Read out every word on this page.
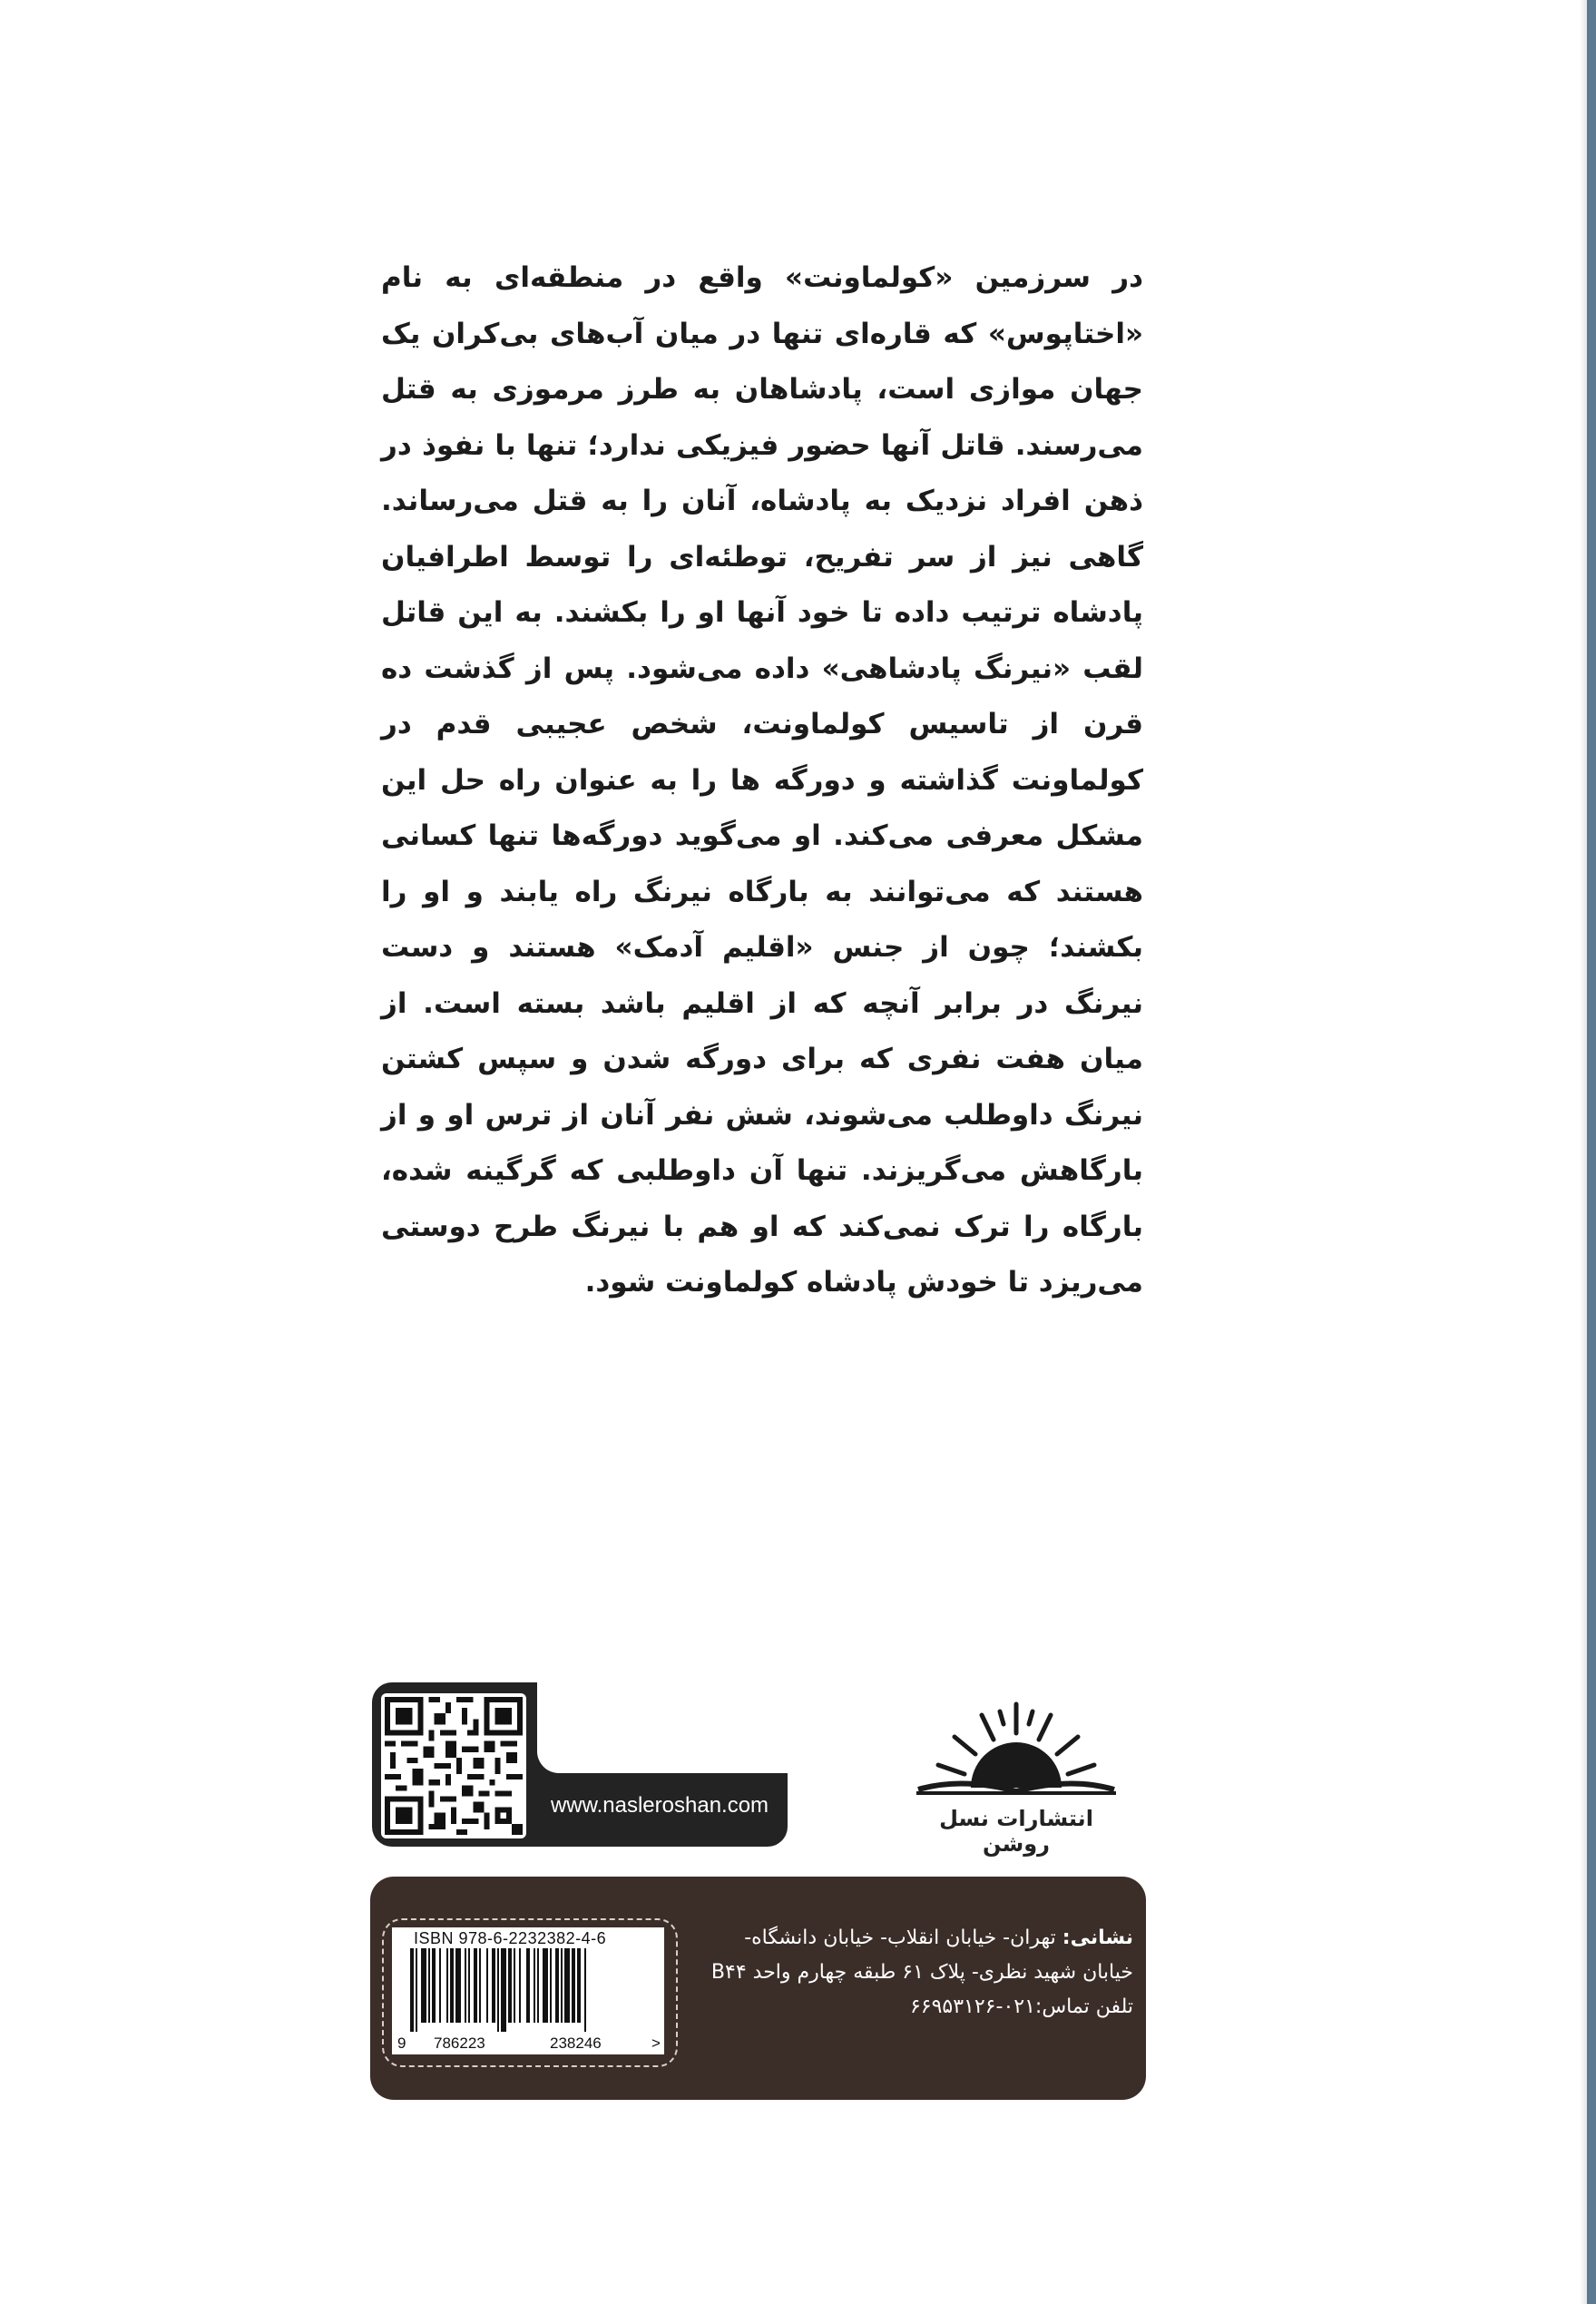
در سرزمین «کولماونت» واقع در منطقه‌ای به نام «اختاپوس» که قاره‌ای تنها در میان آب‌های بی‌کران یک جهان موازی است، پادشاهان به طرز مرموزی به قتل می‌رسند. قاتل آنها حضور فیزیکی ندارد؛ تنها با نفوذ در ذهن افراد نزدیک به پادشاه، آنان را به قتل می‌رساند. گاهی نیز از سر تفریح، توطئه‌ای را توسط اطرافیان پادشاه ترتیب داده تا خود آنها او را بکشند. به این قاتل لقب «نیرنگ پادشاهی» داده می‌شود. پس از گذشت ده قرن از تاسیس کولماونت، شخص عجیبی قدم در کولماونت گذاشته و دورگه ها را به عنوان راه حل این مشکل معرفی می‌کند. او می‌گوید دورگه‌ها تنها کسانی هستند که می‌توانند به بارگاه نیرنگ راه یابند و او را بکشند؛ چون از جنس «اقلیم آدمک» هستند و دست نیرنگ در برابر آنچه که از اقلیم باشد بسته است. از میان هفت نفری که برای دورگه شدن و سپس کشتن نیرنگ داوطلب می‌شوند، شش نفر آنان از ترس او و از بارگاهش می‌گریزند. تنها آن داوطلبی که گرگینه شده، بارگاه را ترک نمی‌کند که او هم با نیرنگ طرح دوستی می‌ریزد تا خودش پادشاه کولماونت شود.
انتشارات نسل روشن
www.nasleroshan.com
ISBN 978-6-2232382-4-6
9 786223	238246	>
نشانی: تهران- خیابان انقلاب- خیابان دانشگاه-
خیابان شهید نظری- پلاک ۶۱ طبقه چهارم واحد B۴۴
تلفن تماس:۰۲۱-۶۶۹۵۳۱۲۶
